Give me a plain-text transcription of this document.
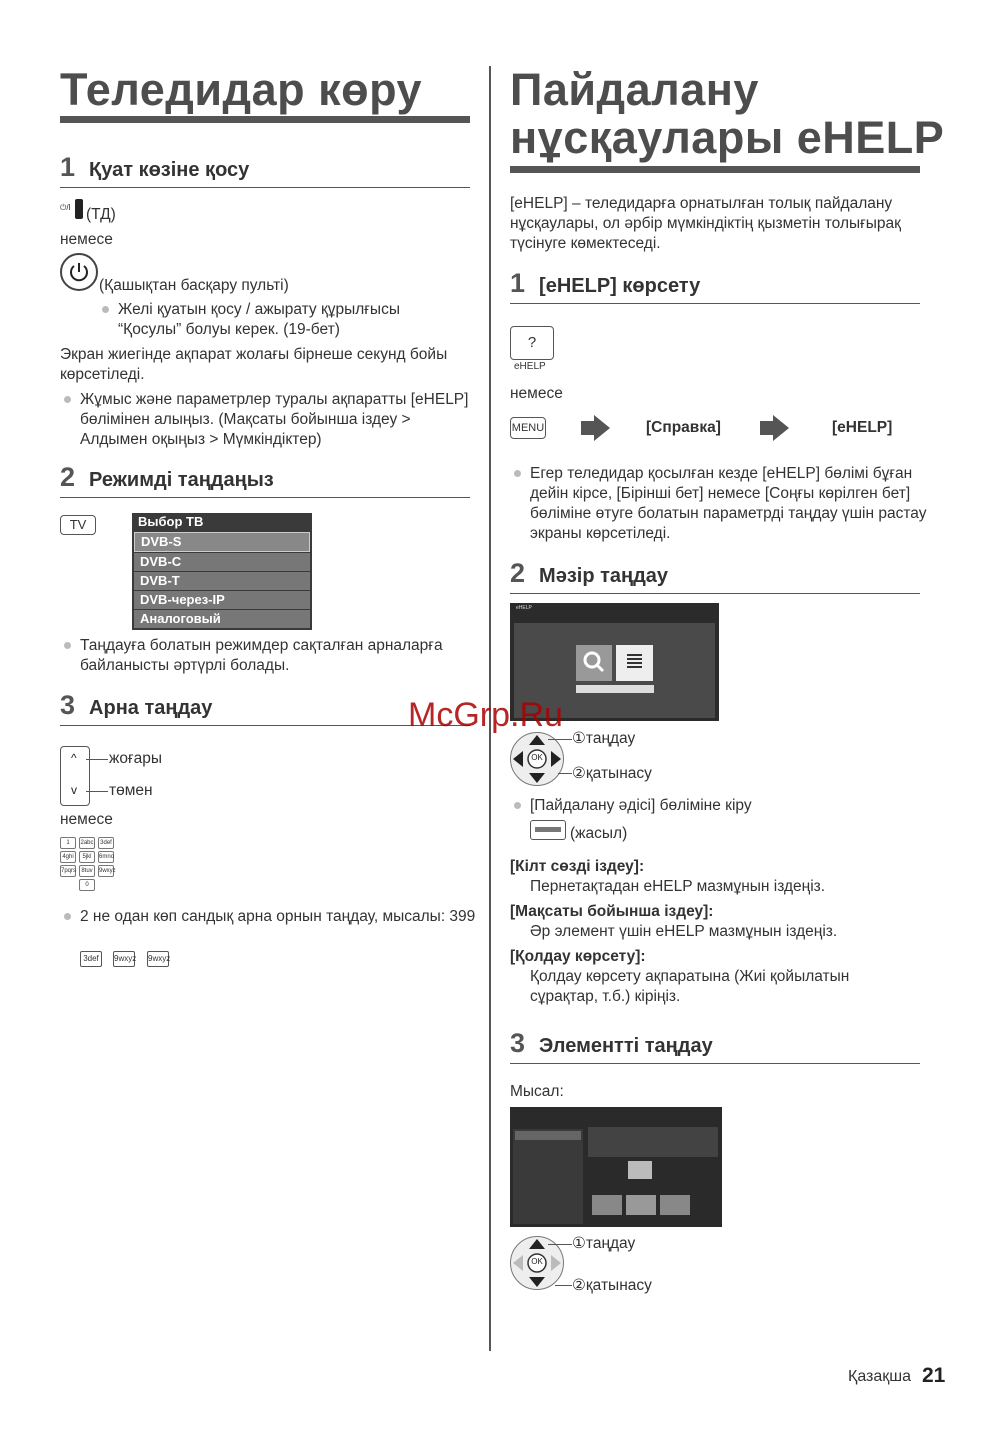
Теледидар көру
1 Қуат көзіне қосу
⏻/I (ТД)
немесе
(Қашықтан басқару пульті)
Желі қуатын қосу / ажырату құрылғысы “Қосулы” болуы керек. (19-бет)
Экран жиегінде ақпарат жолағы бірнеше секунд бойы көрсетіледі.
Жұмыс және параметрлер туралы ақпаратты [eHELP] бөлімінен алыңыз. (Мақсаты бойынша іздеу > Алдымен оқыңыз > Мүмкіндіктер)
2 Режимді таңдаңыз
TV	Выбор ТВ
DVB-S
DVB-C
DVB-T
DVB-через-IP
Аналоговый
Таңдауға болатын режимдер сақталған арналарға байланысты әртүрлі болады.
3 Арна таңдау
^
v
жоғары
төмен
немесе
1	2abc	3def
4ghi	5jkl	6mno
7pqrs 8tuv	9wxyz
0
2 не одан көп сандық арна орнын таңдау, мысалы: 399
3def	9wxyz 9wxyz
Пайдалану
нұсқаулары eHELP
[eHELP] – теледидарға орнатылған толық пайдалану нұсқаулары, ол әрбір мүмкіндіктің қызметін толығырақ түсінуге көмектеседі.
1 [eHELP] көрсету
?
eHELP
немесе
MENU	[Справка]	[eHELP]
Егер теледидар қосылған кезде [eHELP] бөлімі бұған дейін кірсе, [Бірінші бет] немесе [Соңғы көрілген бет] бөліміне өтуге болатын параметрді таңдау үшін растау экраны көрсетіледі.
2 Мәзір таңдау
eHELP
OK
①таңдау
②қатынасу
[Пайдалану әдісі] бөліміне кіру
(жасыл)
[Кілт сөзді іздеу]:
Пернетақтадан eHELP мазмұнын іздеңіз.
[Мақсаты бойынша іздеу]:
Әр элемент үшін eHELP мазмұнын іздеңіз.
[Қолдау көрсету]:
Қолдау көрсету ақпаратына (Жиі қойылатын сұрақтар, т.б.) кіріңіз.
3 Элементті таңдау
Мысал:
OK
①таңдау
②қатынасу
Қазақша 21
McGrp.Ru
